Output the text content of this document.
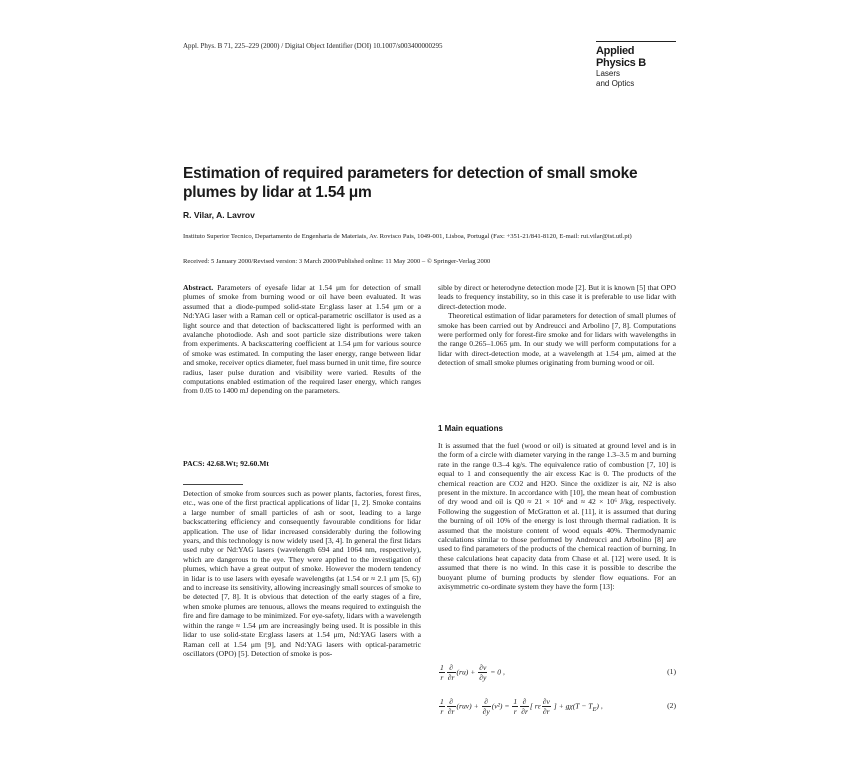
Appl. Phys. B 71, 225–229 (2000) / Digital Object Identifier (DOI) 10.1007/s003400000295	Applied Physics B
Lasers
and Optics
Estimation of required parameters for detection of small smoke plumes by lidar at 1.54 μm
R. Vilar, A. Lavrov
Instituto Superior Tecnico, Departamento de Engenharia de Materiais, Av. Rovisco Pais, 1049-001, Lisboa, Portugal (Fax: +351-21/841-8120, E-mail: rui.vilar@ist.utl.pt)
Received: 5 January 2000/Revised version: 3 March 2000/Published online: 11 May 2000 – © Springer-Verlag 2000

Abstract. Parameters of eyesafe lidar at 1.54 μm for detection of small plumes of smoke from burning wood or oil have been evaluated. It was assumed that a diode-pumped solid-state Er:glass laser at 1.54 μm or a Nd:YAG laser with a Raman cell or optical-parametric oscillator is used as a light source and that detection of backscattered light is performed with an avalanche photodiode. Ash and soot particle size distributions were taken from experiments. A backscattering coefficient at 1.54 μm for various source of smoke was estimated. In computing the laser energy, range between lidar and smoke, receiver optics diameter, fuel mass burned in unit time, fire source radius, laser pulse duration and visibility were varied. Results of the computations enabled estimation of the required laser energy, which ranges from 0.05 to 1400 mJ depending on the parameters.

PACS: 42.68.Wt; 92.60.Mt

Detection of smoke from sources such as power plants, factories, forest fires, etc., was one of the first practical applications of lidar [1, 2]. Smoke contains a large number of small particles of ash or soot, leading to a large backscattering efficiency and consequently favourable conditions for lidar application. The use of lidar increased considerably during the following years, and this technology is now widely used [3, 4]. In general the first lidars used ruby or Nd:YAG lasers (wavelength 694 and 1064 nm, respectively), which are dangerous to the eye. They were applied to the investigation of plumes, which have a great output of smoke. However the modern tendency in lidar is to use lasers with eyesafe wavelengths (at 1.54 or ≈ 2.1 μm [5, 6]) and to increase its sensitivity, allowing increasingly small sources of smoke to be detected [7, 8]. It is obvious that detection of the early stages of a fire, when smoke plumes are tenuous, allows the means required to extinguish the fire and fire damage to be minimized. For eye-safety, lidars with a wavelength within the range ≈ 1.54 μm are increasingly being used. It is possible in this lidar to use solid-state Er:glass lasers at 1.54 μm, Nd:YAG lasers with a Raman cell at 1.54 μm [9], and Nd:YAG lasers with optical-parametric oscillators (OPO) [5]. Detection of smoke is pos-

sible by direct or heterodyne detection mode [2]. But it is known [5] that OPO leads to frequency instability, so in this case it is preferable to use lidar with direct-detection mode.

Theoretical estimation of lidar parameters for detection of small plumes of smoke has been carried out by Andreucci and Arbolino [7, 8]. Computations were performed only for forest-fire smoke and for lidars with wavelengths in the range 0.265–1.065 μm. In our study we will perform computations for a lidar with direct-detection mode, at a wavelength at 1.54 μm, aimed at the detection of small smoke plumes originating from burning wood or oil.

1 Main equations

It is assumed that the fuel (wood or oil) is situated at ground level and is in the form of a circle with diameter varying in the range 1.3–3.5 m and burning rate in the range 0.3–4 kg/s. The equivalence ratio of combustion [7, 10] is equal to 1 and consequently the air excess Kac is 0. The products of the chemical reaction are CO2 and H2O. Since the oxidizer is air, N2 is also present in the mixture. In accordance with [10], the mean heat of combustion of dry wood and oil is Q0 ≈ 21 × 10⁶ and ≈ 42 × 10⁶ J/kg, respectively. Following the suggestion of McGratton et al. [11], it is assumed that during the burning of oil 10% of the energy is lost through thermal radiation. It is assumed that the moisture content of wood equals 40%. Thermodynamic calculations similar to those performed by Andreucci and Arbolino [8] are used to find parameters of the products of the chemical reaction of burning. In these calculations heat capacity data from Chase et al. [12] were used. It is assumed that there is no wind. In this case it is possible to describe the buoyant plume of burning products by slender flow equations. For an axisymmetric co-ordinate system they have the form [13]:

$\frac{1}{r} \frac{\partial}{\partial r} (ru) + \frac{\partial v}{\partial y} = 0$ ,	(1)
$\frac{1}{r} \frac{\partial}{\partial r} (ruv) + \frac{\partial}{\partial y} (v^2) = \frac{1}{r} \frac{\partial}{\partial r}$ [ rε $\frac{\partial v}{\partial r}$ ] + $g\chi(T - T_E)$ ,	(2)
